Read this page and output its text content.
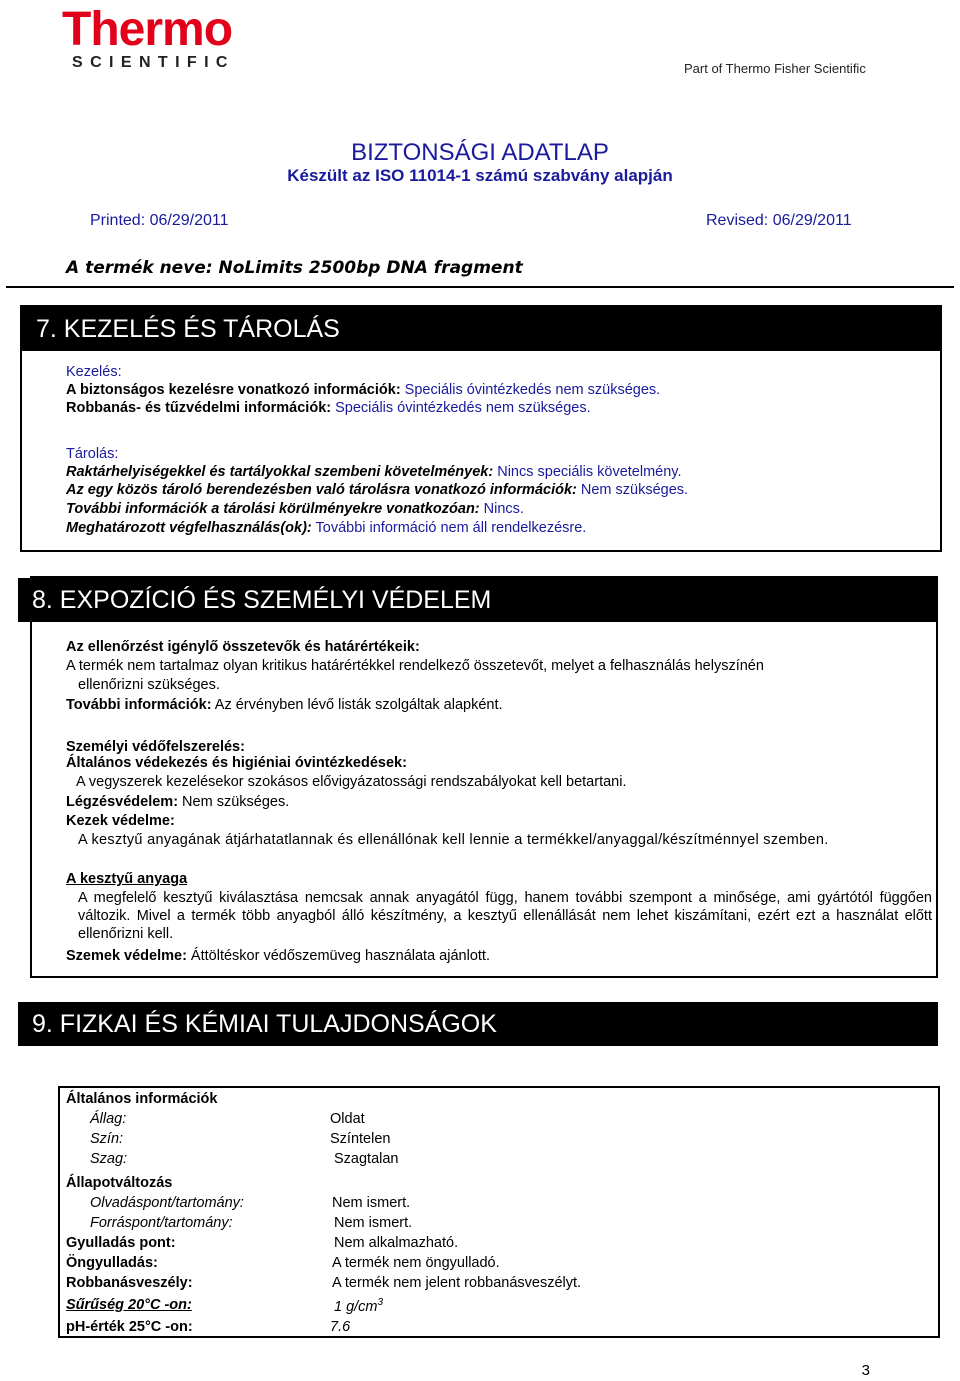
Thermo
SCIENTIFIC	Part of Thermo Fisher Scientific
BIZTONSÁGI ADATLAP
Készült az ISO 11014-1 számú szabvány alapján
Printed: 06/29/2011	Revised: 06/29/2011
A termék neve: NoLimits 2500bp DNA fragment
7. KEZELÉS ÉS TÁROLÁS
Kezelés:
A biztonságos kezelésre vonatkozó információk: Speciális óvintézkedés nem szükséges.
Robbanás- és tűzvédelmi információk: Speciális óvintézkedés nem szükséges.
Tárolás:
Raktárhelyiségekkel és tartályokkal szembeni követelmények: Nincs speciális követelmény.
Az egy közös tároló berendezésben való tárolásra vonatkozó információk: Nem szükséges.
További információk a tárolási körülményekre vonatkozóan: Nincs.
Meghatározott végfelhasználás(ok): További információ nem áll rendelkezésre.
8. EXPOZÍCIÓ ÉS SZEMÉLYI VÉDELEM
Az ellenőrzést igénylő összetevők és határértékeik:
A termék nem tartalmaz olyan kritikus határértékkel rendelkező összetevőt, melyet a felhasználás helyszínén
ellenőrizni szükséges.
További információk: Az érvényben lévő listák szolgáltak alapként.
Személyi védőfelszerelés:
Általános védekezés és higiéniai óvintézkedések:
A vegyszerek kezelésekor szokásos elővigyázatossági rendszabályokat kell betartani.
Légzésvédelem: Nem szükséges.
Kezek védelme:
A kesztyű anyagának átjárhatatlannak és ellenállónak kell lennie a termékkel/anyaggal/készítménnyel szemben.
A kesztyű anyaga
A megfelelő kesztyű kiválasztása nemcsak annak anyagától függ, hanem további szempont a minősége, ami gyártótól függően változik. Mivel a termék több anyagból álló készítmény, a kesztyű ellenállását nem lehet kiszámítani, ezért ezt a használat előtt ellenőrizni kell.
Szemek védelme: Áttöltéskor védőszemüveg használata ajánlott.
9. FIZKAI ÉS KÉMIAI TULAJDONSÁGOK
Általános információk	
Állag:	Oldat
Szín:	Színtelen
Szag:	Szagtalan
Állapotváltozás	
Olvadáspont/tartomány:	Nem ismert.
Forráspont/tartomány:	Nem ismert.
Gyulladás pont:	Nem alkalmazható.
Öngyulladás:	A termék nem öngyulladó.
Robbanásveszély:	A termék nem jelent robbanásveszélyt.
Sűrűség 20°C -on:	1 $g/cm^3$
pH-érték 25°C -on:	7.6
3
